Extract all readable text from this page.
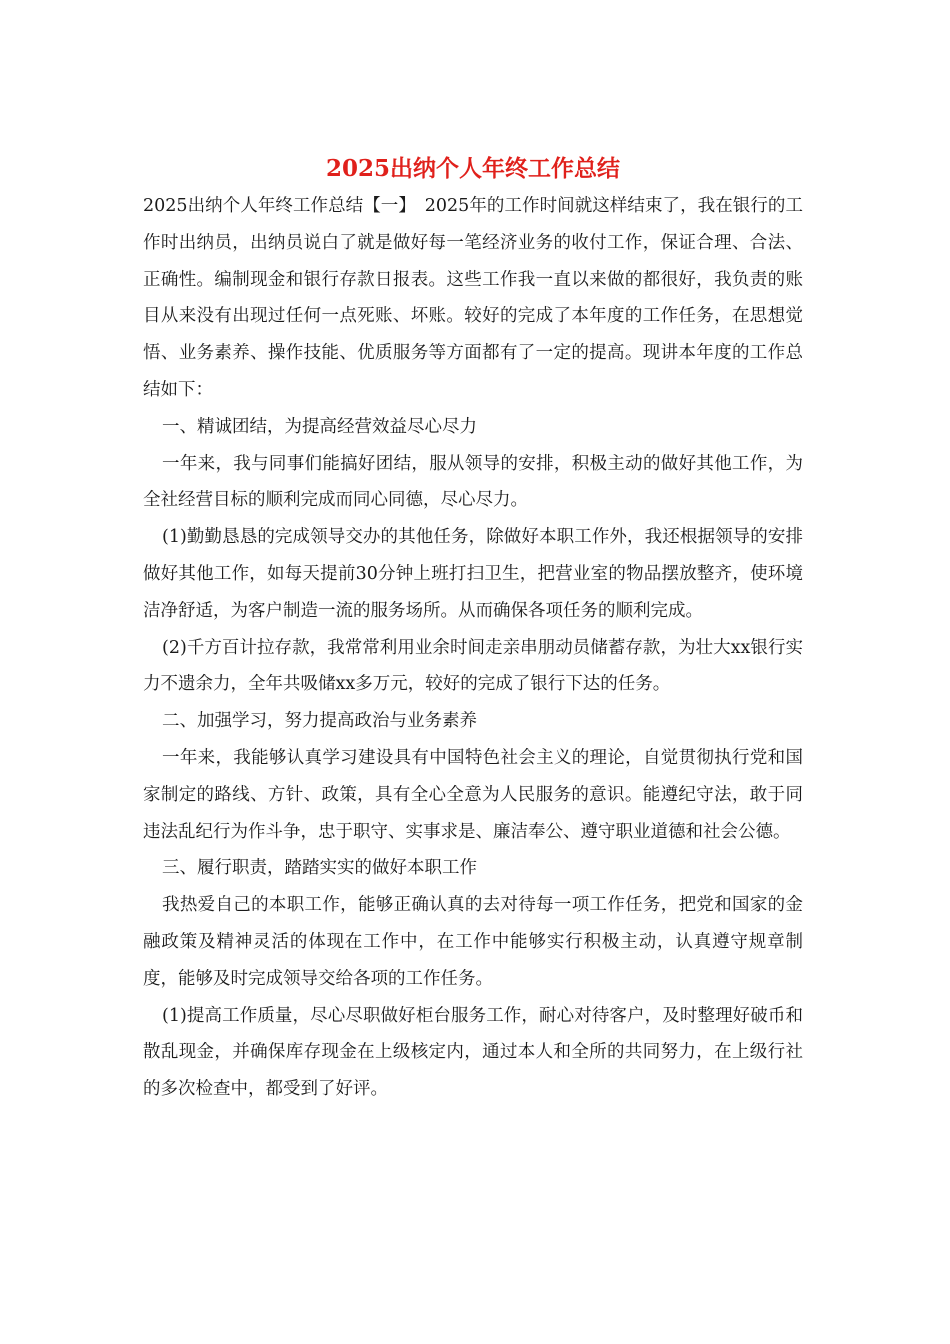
2025出纳个人年终工作总结

2025出纳个人年终工作总结【一】　2025年的工作时间就这样结束了，我在银行的工作时出纳员，出纳员说白了就是做好每一笔经济业务的收付工作，保证合理、合法、正确性。编制现金和银行存款日报表。这些工作我一直以来做的都很好，我负责的账目从来没有出现过任何一点死账、坏账。较好的完成了本年度的工作任务，在思想觉悟、业务素养、操作技能、优质服务等方面都有了一定的提高。现讲本年度的工作总结如下：

一、精诚团结，为提高经营效益尽心尽力

一年来，我与同事们能搞好团结，服从领导的安排，积极主动的做好其他工作，为全社经营目标的顺利完成而同心同德，尽心尽力。

(1)勤勤恳恳的完成领导交办的其他任务，除做好本职工作外，我还根据领导的安排做好其他工作，如每天提前30分钟上班打扫卫生，把营业室的物品摆放整齐，使环境洁净舒适，为客户制造一流的服务场所。从而确保各项任务的顺利完成。

(2)千方百计拉存款，我常常利用业余时间走亲串朋动员储蓄存款，为壮大xx银行实力不遗余力，全年共吸储xx多万元，较好的完成了银行下达的任务。

二、加强学习，努力提高政治与业务素养

一年来，我能够认真学习建设具有中国特色社会主义的理论，自觉贯彻执行党和国家制定的路线、方针、政策，具有全心全意为人民服务的意识。能遵纪守法，敢于同违法乱纪行为作斗争，忠于职守、实事求是、廉洁奉公、遵守职业道德和社会公德。

三、履行职责，踏踏实实的做好本职工作

我热爱自己的本职工作，能够正确认真的去对待每一项工作任务，把党和国家的金融政策及精神灵活的体现在工作中，在工作中能够实行积极主动，认真遵守规章制度，能够及时完成领导交给各项的工作任务。

(1)提高工作质量，尽心尽职做好柜台服务工作，耐心对待客户，及时整理好破币和散乱现金，并确保库存现金在上级核定内，通过本人和全所的共同努力，在上级行社的多次检查中，都受到了好评。
